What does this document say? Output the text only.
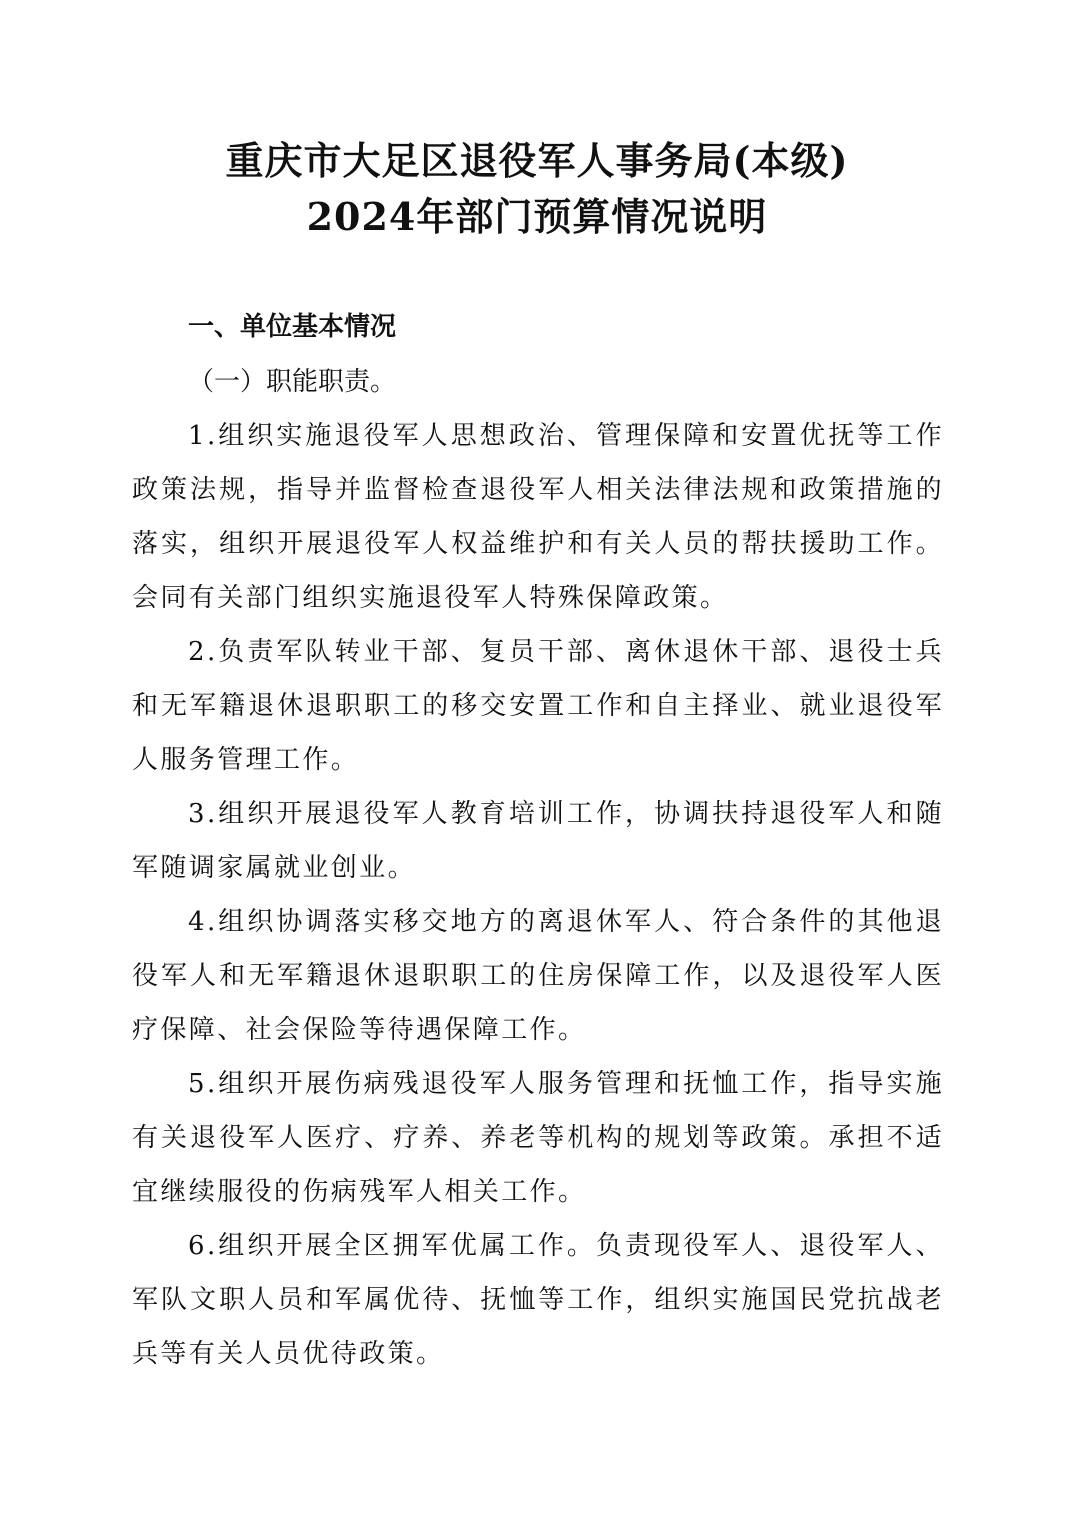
重庆市大足区退役军人事务局(本级)
2024年部门预算情况说明
一、单位基本情况
（一）职能职责。

1.组织实施退役军人思想政治、管理保障和安置优抚等工作政策法规，指导并监督检查退役军人相关法律法规和政策措施的落实，组织开展退役军人权益维护和有关人员的帮扶援助工作。会同有关部门组织实施退役军人特殊保障政策。

2.负责军队转业干部、复员干部、离休退休干部、退役士兵和无军籍退休退职职工的移交安置工作和自主择业、就业退役军人服务管理工作。

3.组织开展退役军人教育培训工作，协调扶持退役军人和随军随调家属就业创业。

4.组织协调落实移交地方的离退休军人、符合条件的其他退役军人和无军籍退休退职职工的住房保障工作，以及退役军人医疗保障、社会保险等待遇保障工作。

5.组织开展伤病残退役军人服务管理和抚恤工作，指导实施有关退役军人医疗、疗养、养老等机构的规划等政策。承担不适宜继续服役的伤病残军人相关工作。

6.组织开展全区拥军优属工作。负责现役军人、退役军人、军队文职人员和军属优待、抚恤等工作，组织实施国民党抗战老兵等有关人员优待政策。
